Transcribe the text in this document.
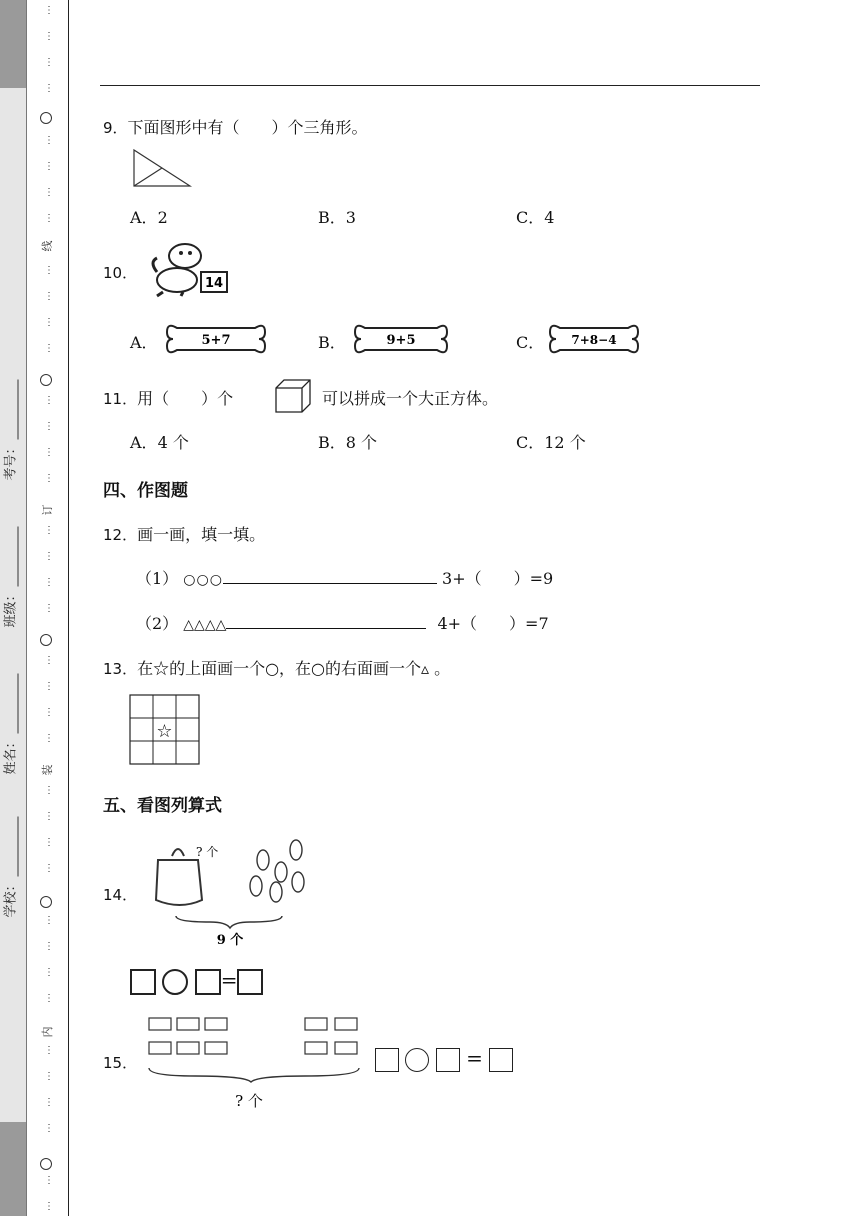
考号：
班级：
姓名：
学校：
线
订
装
内
⋮
⋮
⋮
⋮
⋮
⋮
⋮
⋮
⋮
⋮
⋮
⋮
⋮
⋮
⋮
⋮
⋮
⋮
⋮
⋮
⋮
⋮
⋮
⋮
⋮
⋮
⋮
⋮
⋮
⋮
⋮
⋮
⋮
⋮
⋮
⋮
⋮
⋮
9．下面图形中有（　　）个三角形。
A．2	B．3	C．4
10．
14
A．	5+7	B．	9+5	C． 7+8−4
11．用（　　）个	可以拼成一个大正方体。
A．4 个	B．8 个	C．12 个
四、作图题
12．画一画，填一填。
（1） ○○○	3+（　　）=9
（2） △△△△	4+（　　）=7
13．在☆的上面画一个○，在○的右面画一个▵ 。
☆
五、看图列算式
14．
? 个
9 个
=
15．
? 个
=
